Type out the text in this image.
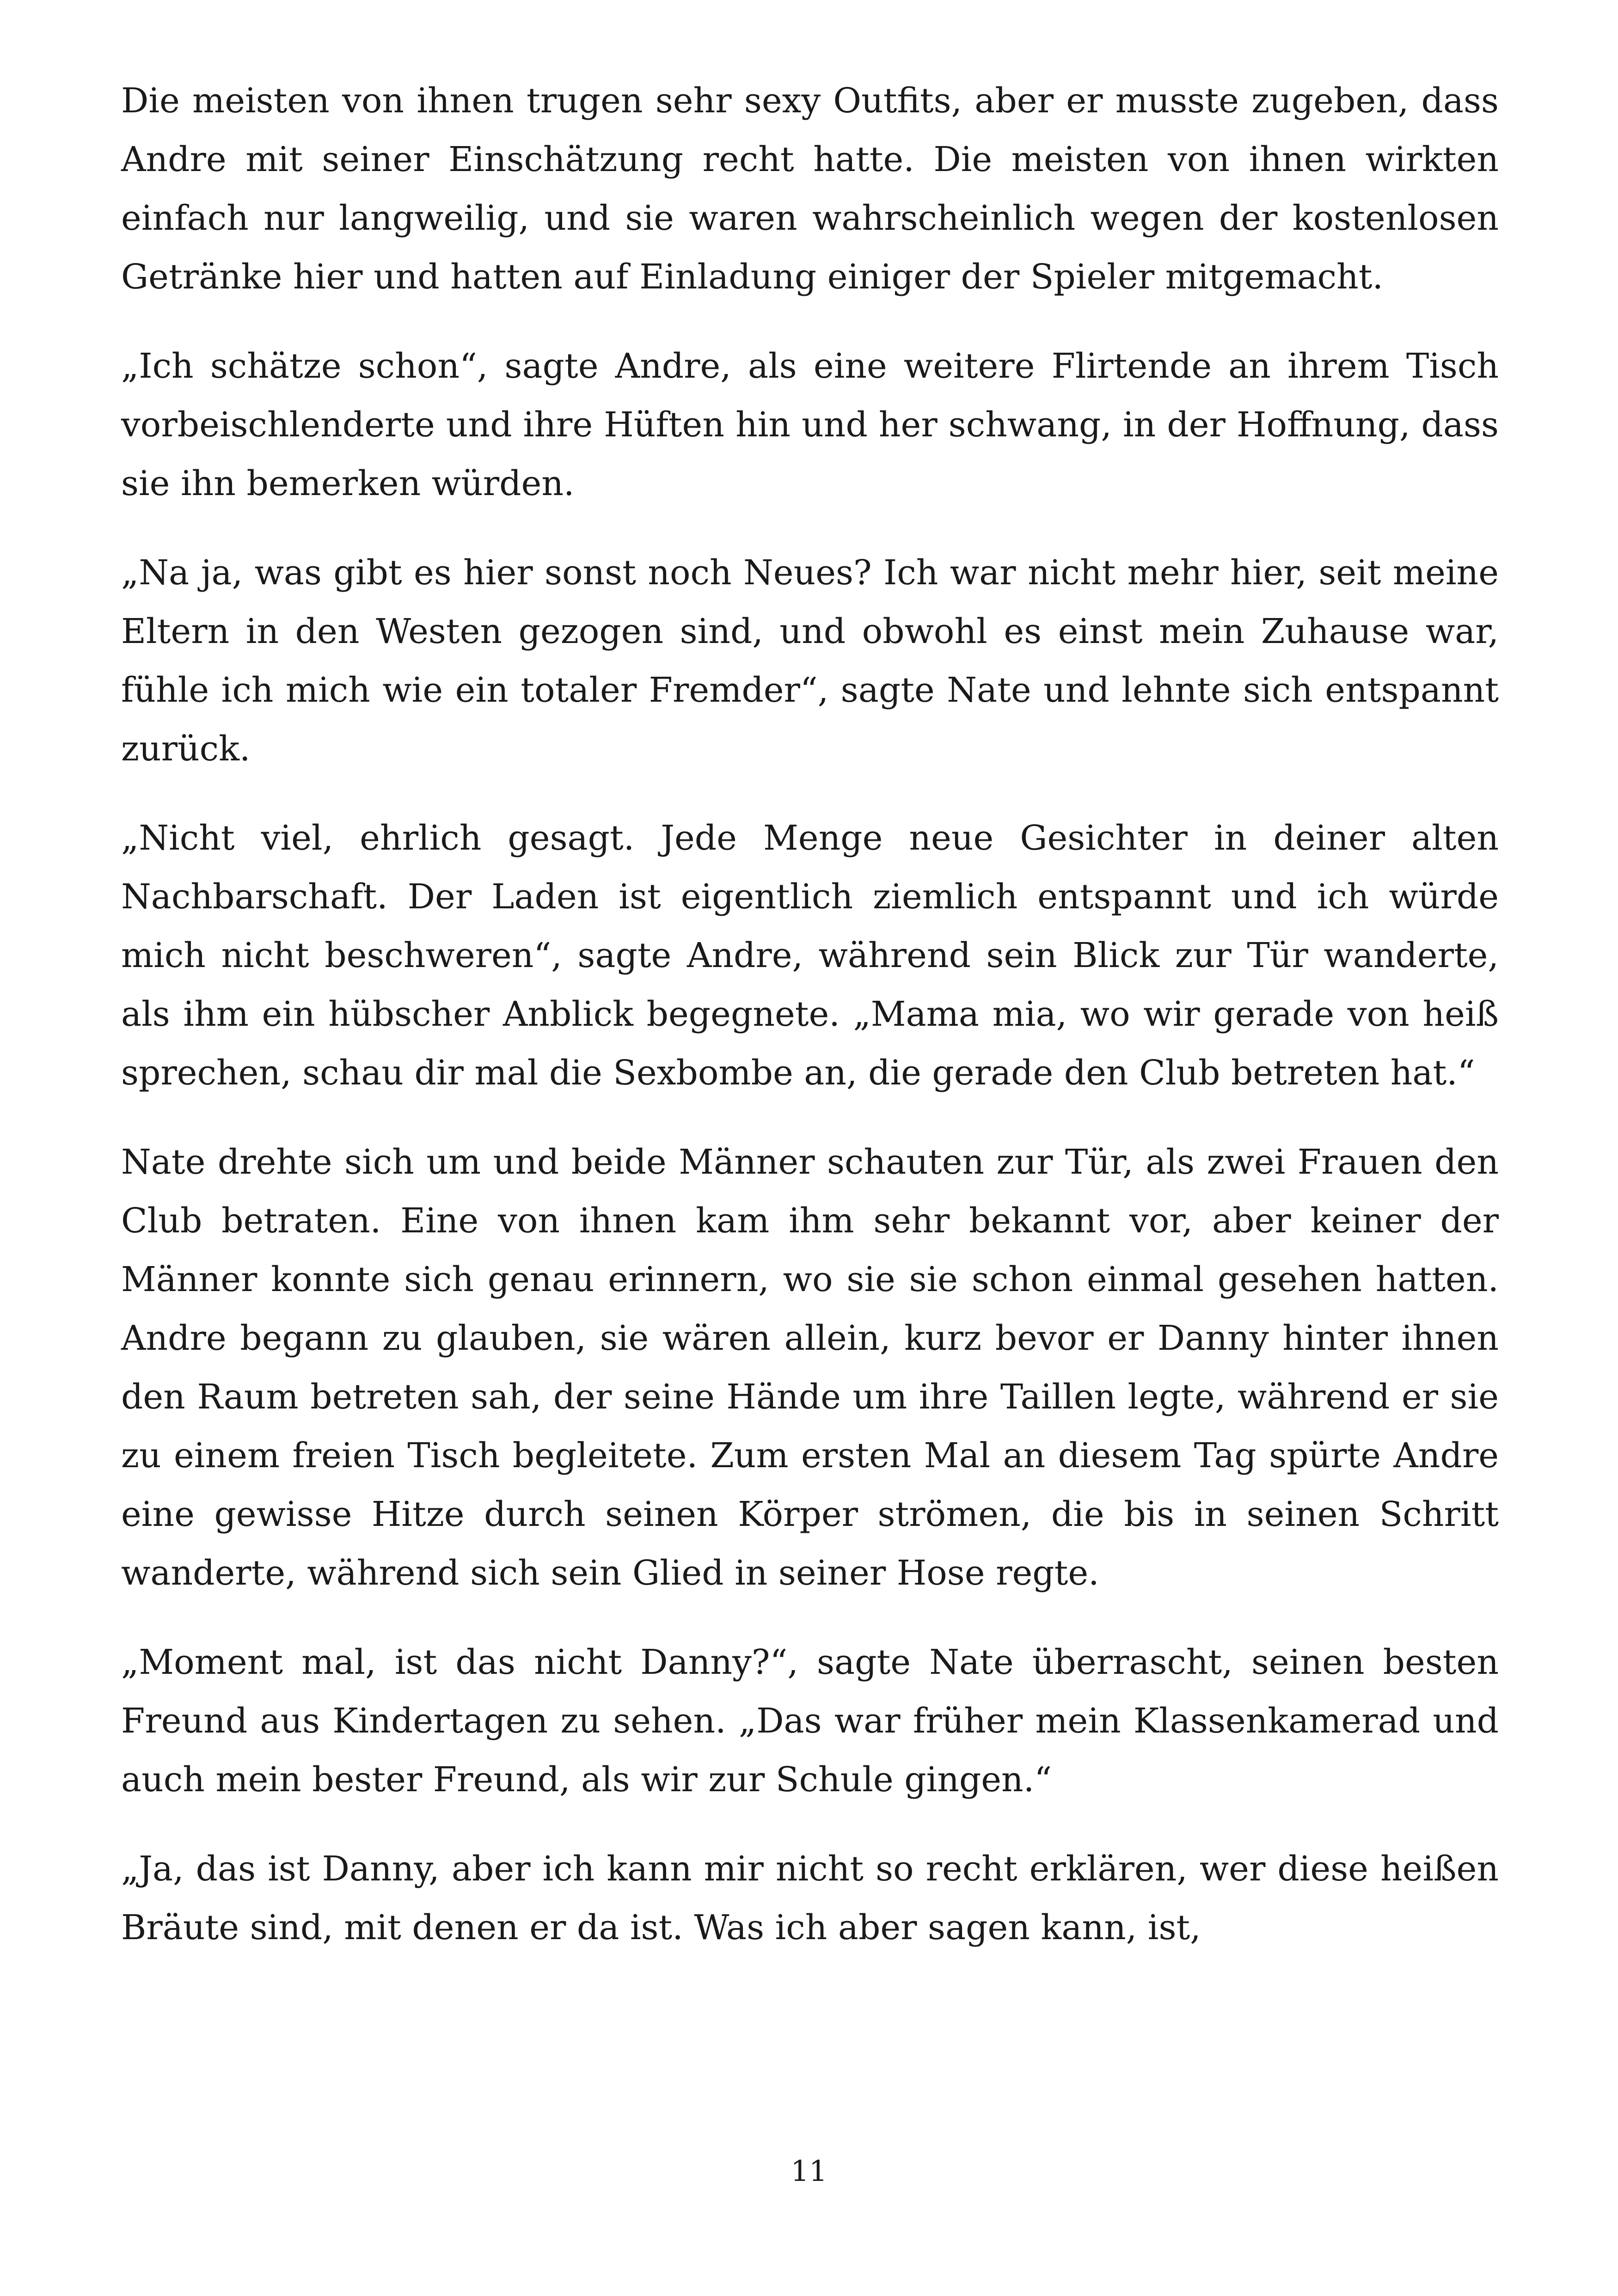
Die meisten von ihnen trugen sehr sexy Outfits, aber er musste zugeben, dass Andre mit seiner Einschätzung recht hatte. Die meisten von ihnen wirkten einfach nur langweilig, und sie waren wahrscheinlich wegen der kostenlosen Getränke hier und hatten auf Einladung einiger der Spieler mitgemacht.

„Ich schätze schon“, sagte Andre, als eine weitere Flirtende an ihrem Tisch vorbeischlenderte und ihre Hüften hin und her schwang, in der Hoffnung, dass sie ihn bemerken würden.

„Na ja, was gibt es hier sonst noch Neues? Ich war nicht mehr hier, seit meine Eltern in den Westen gezogen sind, und obwohl es einst mein Zuhause war, fühle ich mich wie ein totaler Fremder“, sagte Nate und lehnte sich entspannt zurück.

„Nicht viel, ehrlich gesagt. Jede Menge neue Gesichter in deiner alten Nachbarschaft. Der Laden ist eigentlich ziemlich entspannt und ich würde mich nicht beschweren“, sagte Andre, während sein Blick zur Tür wanderte, als ihm ein hübscher Anblick begegnete. „Mama mia, wo wir gerade von heiß sprechen, schau dir mal die Sexbombe an, die gerade den Club betreten hat.“

Nate drehte sich um und beide Männer schauten zur Tür, als zwei Frauen den Club betraten. Eine von ihnen kam ihm sehr bekannt vor, aber keiner der Männer konnte sich genau erinnern, wo sie sie schon einmal gesehen hatten. Andre begann zu glauben, sie wären allein, kurz bevor er Danny hinter ihnen den Raum betreten sah, der seine Hände um ihre Taillen legte, während er sie zu einem freien Tisch begleitete. Zum ersten Mal an diesem Tag spürte Andre eine gewisse Hitze durch seinen Körper strömen, die bis in seinen Schritt wanderte, während sich sein Glied in seiner Hose regte.

„Moment mal, ist das nicht Danny?“, sagte Nate überrascht, seinen besten Freund aus Kindertagen zu sehen. „Das war früher mein Klassenkamerad und auch mein bester Freund, als wir zur Schule gingen.“

„Ja, das ist Danny, aber ich kann mir nicht so recht erklären, wer diese heißen Bräute sind, mit denen er da ist. Was ich aber sagen kann, ist,

11
